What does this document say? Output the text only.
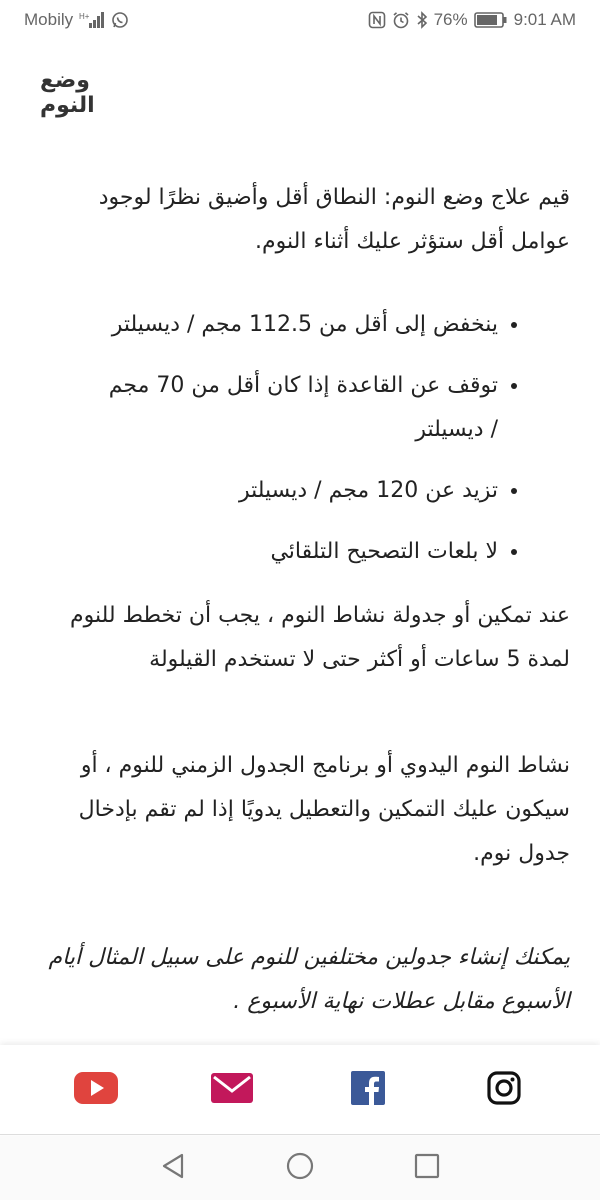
Mobily H+	76%	9:01 AM
وضع النوم

قيم علاج وضع النوم: النطاق أقل وأضيق نظرًا لوجود عوامل أقل ستؤثر عليك أثناء النوم.

• ينخفض إلى أقل من 112.5 مجم / ديسيلتر
• توقف عن القاعدة إذا كان أقل من 70 مجم / ديسيلتر
• تزيد عن 120 مجم / ديسيلتر
• لا بلعات التصحيح التلقائي

عند تمكين أو جدولة نشاط النوم ، يجب أن تخطط للنوم لمدة 5 ساعات أو أكثر حتى لا تستخدم القيلولة

نشاط النوم اليدوي أو برنامج الجدول الزمني للنوم ، أو سيكون عليك التمكين والتعطيل يدويًا إذا لم تقم بإدخال جدول نوم.

يمكنك إنشاء جدولين مختلفين للنوم على سبيل المثال أيام الأسبوع مقابل عطلات نهاية الأسبوع .
